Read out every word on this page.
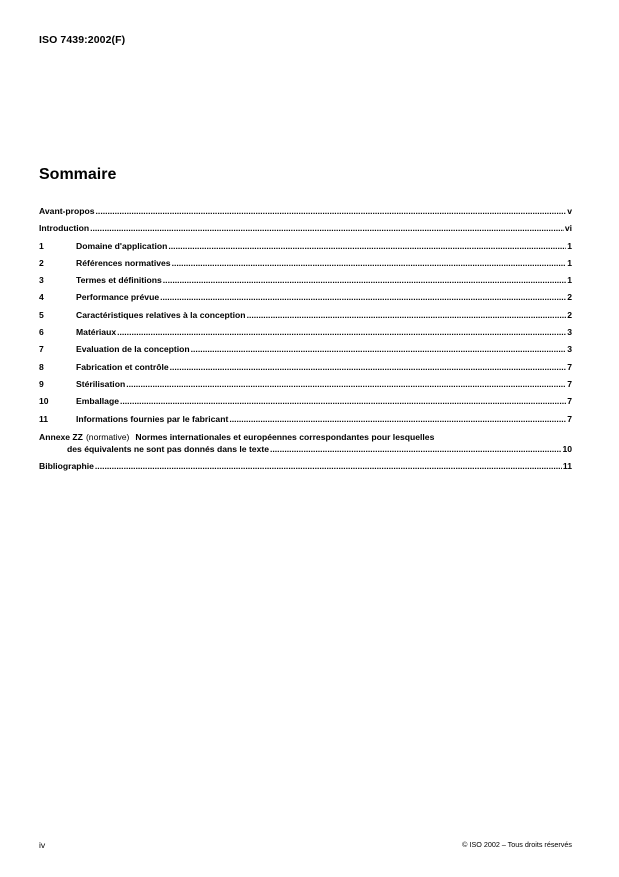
ISO 7439:2002(F)
Sommaire
Avant-propos .....	v
Introduction .....	vi
1	Domaine d'application .....	1
2	Références normatives .....	1
3	Termes et définitions .....	1
4	Performance prévue .....	2
5	Caractéristiques relatives à la conception .....	2
6	Matériaux .....	3
7	Evaluation de la conception .....	3
8	Fabrication et contrôle .....	7
9	Stérilisation .....	7
10	Emballage .....	7
11	Informations fournies par le fabricant .....	7
Annexe ZZ (normative) Normes internationales et européennes correspondantes pour lesquelles
des équivalents ne sont pas donnés dans le texte .....	10
Bibliographie .....	11
iv	© ISO 2002 – Tous droits réservés
